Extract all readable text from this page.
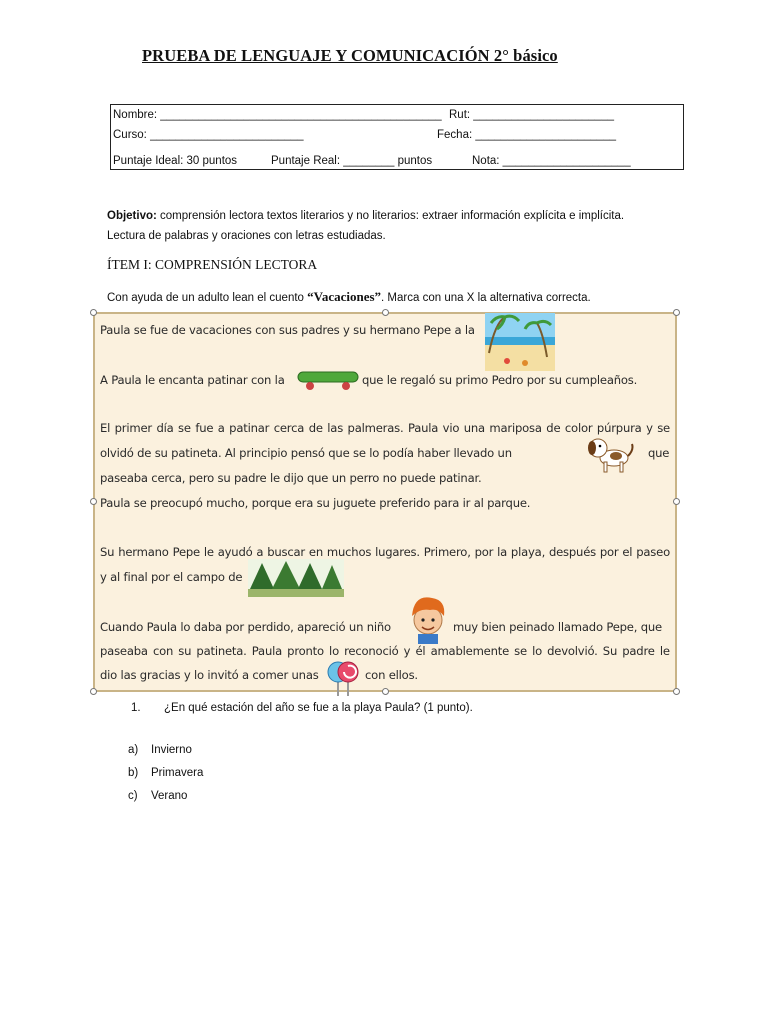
PRUEBA DE LENGUAJE Y COMUNICACIÓN 2° básico
Nombre: ____________________________________________ Rut: ______________________
Curso: ________________________	Fecha: ______________________
Puntaje Ideal: 30 puntos	Puntaje Real: ________ puntos	Nota: ____________________
Objetivo: comprensión lectora textos literarios y no literarios: extraer información explícita e implícita.
Lectura de palabras y oraciones con letras estudiadas.
ÍTEM I: COMPRENSIÓN LECTORA
Con ayuda de un adulto lean el cuento “Vacaciones”. Marca con una X la alternativa correcta.
Paula se fue de vacaciones con sus padres y su hermano Pepe a la
A Paula le encanta patinar con la	que le regaló su primo Pedro por su cumpleaños.
El primer día se fue a patinar cerca de las palmeras. Paula vio una mariposa de color púrpura y se
olvidó de su patineta. Al principio pensó que se lo podía haber llevado un	que
paseaba cerca, pero su padre le dijo que un perro no puede patinar.
Paula se preocupó mucho, porque era su juguete preferido para ir al parque.
Su hermano Pepe le ayudó a buscar en muchos lugares. Primero, por la playa, después por el paseo
y al final por el campo de
Cuando Paula lo daba por perdido, apareció un niño	muy bien peinado llamado Pepe, que
paseaba con su patineta. Paula pronto lo reconoció y él amablemente se lo devolvió. Su padre le
dio las gracias y lo invitó a comer unas	con ellos.
1. ¿En qué estación del año se fue a la playa Paula? (1 punto).
a) Invierno
b) Primavera
c) Verano
